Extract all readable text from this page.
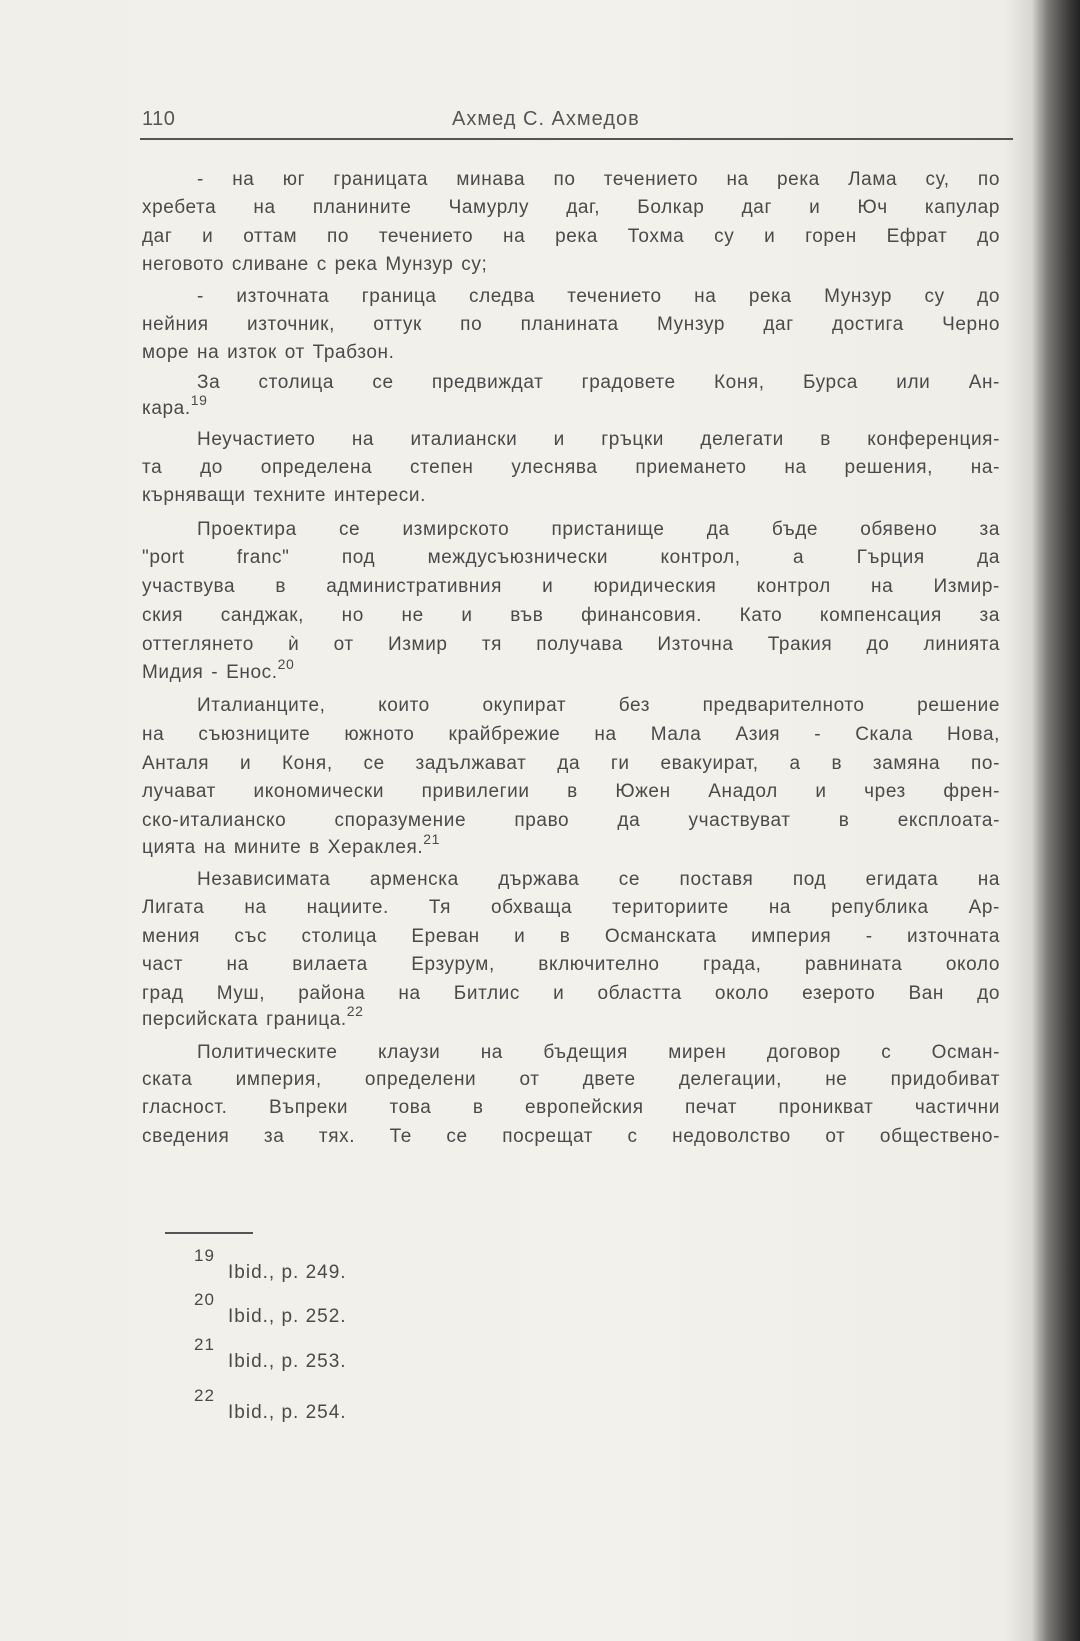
110	Ахмед С. Ахмедов
- на юг границата минава по течението на река Лама су, по
хребета на планините Чамурлу даг, Болкар даг и Юч капулар
даг и оттам по течението на река Тохма су и горен Ефрат до
неговото сливане с река Мунзур су;
- източната граница следва течението на река Мунзур су до
нейния източник, оттук по планината Мунзур даг достига Черно
море на изток от Трабзон.
За столица се предвиждат градовете Коня, Бурса или Ан-
кара.$^{19}$
Неучастието на италиански и гръцки делегати в конференция-
та до определена степен улеснява приемането на решения, на-
кърняващи техните интереси.
Проектира се измирското пристанище да бъде обявено за
"port franc" под междусъюзнически контрол, а Гърция да
участвува в административния и юридическия контрол на Измир-
ския санджак, но не и във финансовия. Като компенсация за
оттеглянето ѝ от Измир тя получава Източна Тракия до линията
Мидия - Енос.$^{20}$
Италианците, които окупират без предварителното решение
на съюзниците южното крайбрежие на Мала Азия - Скала Нова,
Анталя и Коня, се задължават да ги евакуират, а в замяна по-
лучават икономически привилегии в Южен Анадол и чрез френ-
ско-италианско споразумение право да участвуват в експлоата-
цията на мините в Хераклея.$^{21}$
Независимата арменска държава се поставя под егидата на
Лигата на нациите. Тя обхваща териториите на република Ар-
мения със столица Ереван и в Османската империя - източната
част на вилаета Ерзурум, включително града, равнината около
град Муш, района на Битлис и областта около езерото Ван до
персийската граница.$^{22}$
Политическите клаузи на бъдещия мирен договор с Осман-
ската империя, определени от двете делегации, не придобиват
гласност. Въпреки това в европейския печат проникват частични
сведения за тях. Те се посрещат с недоволство от обществено-
19
Ibid., p. 249.
20
Ibid., p. 252.
21
Ibid., p. 253.
22
Ibid., p. 254.
